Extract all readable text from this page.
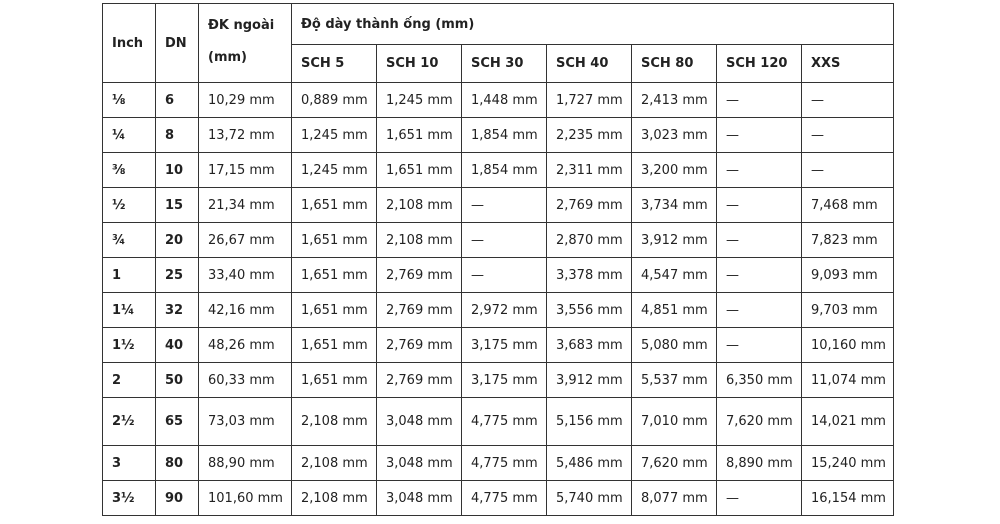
Inch	DN	ĐK ngoài
(mm)	Độ dày thành ống (mm)						
			SCH 5	SCH 10	SCH 30	SCH 40	SCH 80	SCH 120	XXS
⅛	6	10,29 mm	0,889 mm	1,245 mm	1,448 mm	1,727 mm	2,413 mm	—	—
¼	8	13,72 mm	1,245 mm	1,651 mm	1,854 mm	2,235 mm	3,023 mm	—	—
⅜	10	17,15 mm	1,245 mm	1,651 mm	1,854 mm	2,311 mm	3,200 mm	—	—
½	15	21,34 mm	1,651 mm	2,108 mm	—	2,769 mm	3,734 mm	—	7,468 mm
¾	20	26,67 mm	1,651 mm	2,108 mm	—	2,870 mm	3,912 mm	—	7,823 mm
1	25	33,40 mm	1,651 mm	2,769 mm	—	3,378 mm	4,547 mm	—	9,093 mm
1¼	32	42,16 mm	1,651 mm	2,769 mm	2,972 mm	3,556 mm	4,851 mm	—	9,703 mm
1½	40	48,26 mm	1,651 mm	2,769 mm	3,175 mm	3,683 mm	5,080 mm	—	10,160 mm
2	50	60,33 mm	1,651 mm	2,769 mm	3,175 mm	3,912 mm	5,537 mm	6,350 mm	11,074 mm
2½	65	73,03 mm	2,108 mm	3,048 mm	4,775 mm	5,156 mm	7,010 mm	7,620 mm	14,021 mm
3	80	88,90 mm	2,108 mm	3,048 mm	4,775 mm	5,486 mm	7,620 mm	8,890 mm	15,240 mm
3½	90	101,60 mm	2,108 mm	3,048 mm	4,775 mm	5,740 mm	8,077 mm	—	16,154 mm
